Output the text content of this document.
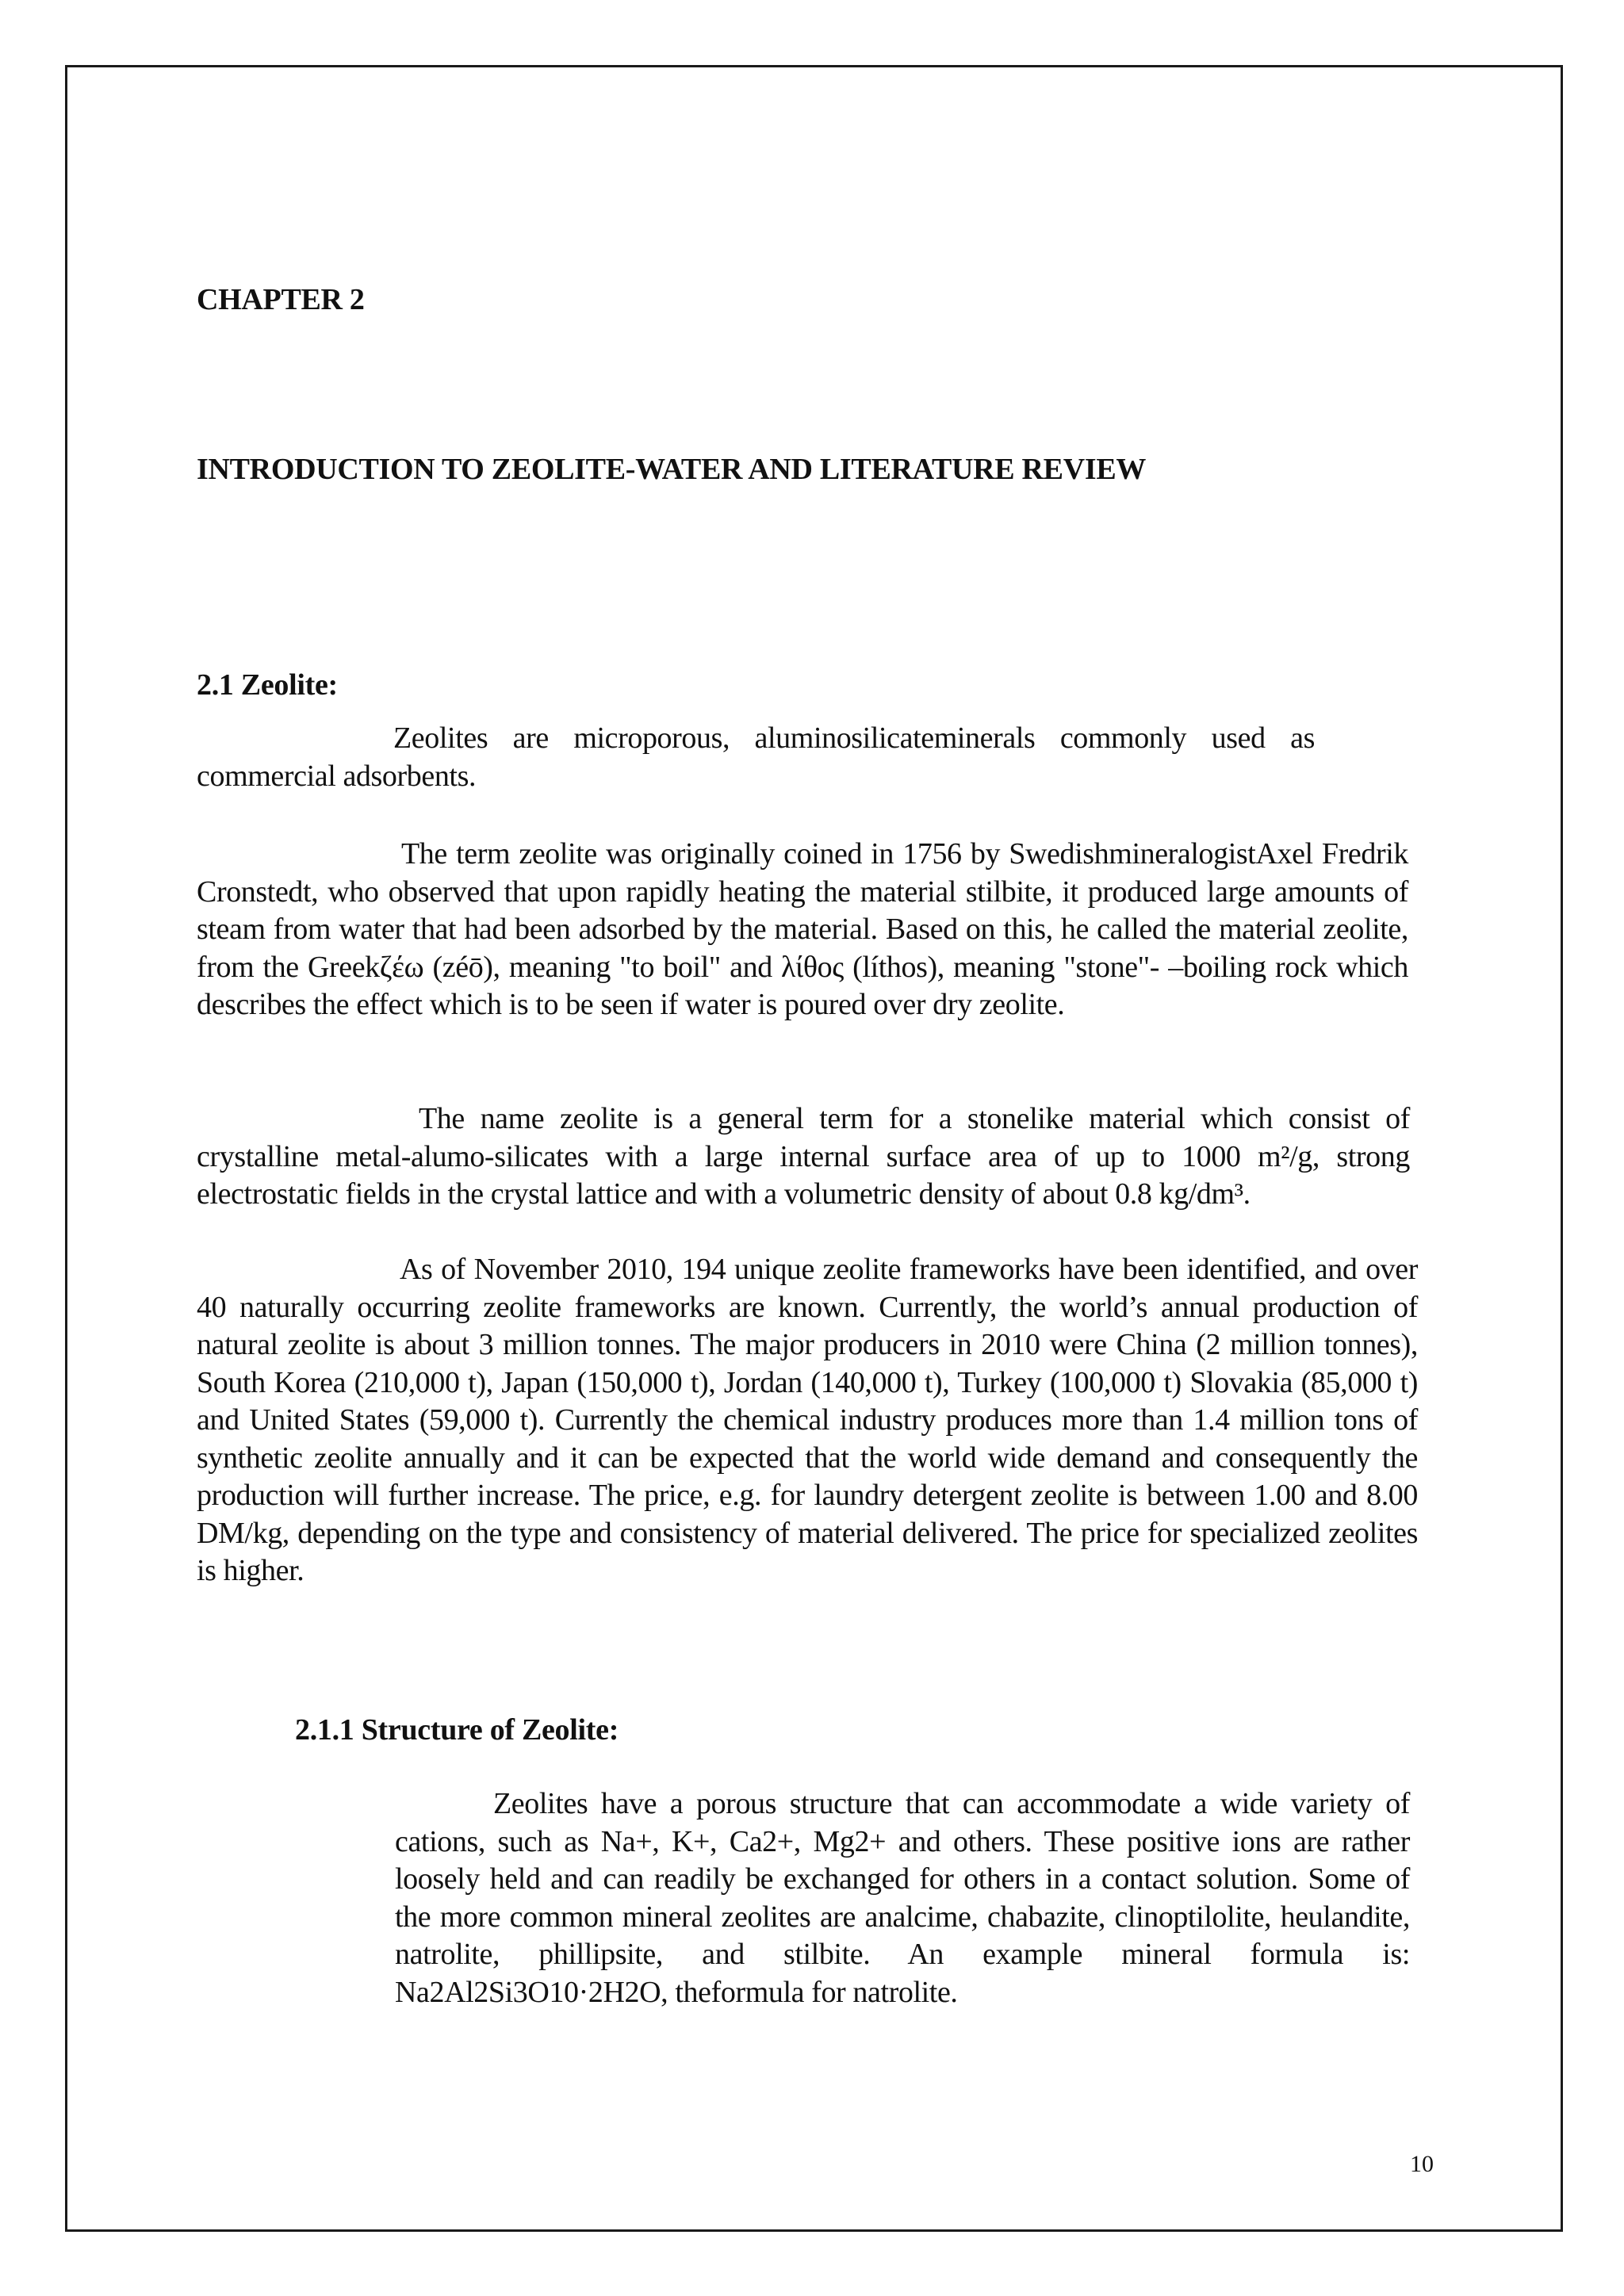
CHAPTER 2
INTRODUCTION TO ZEOLITE-WATER AND LITERATURE REVIEW
2.1 Zeolite:
Zeolites are microporous, aluminosilicateminerals commonly used as commercial adsorbents.
The term zeolite was originally coined in 1756 by SwedishmineralogistAxel Fredrik Cronstedt, who observed that upon rapidly heating the material stilbite, it produced large amounts of steam from water that had been adsorbed by the material. Based on this, he called the material zeolite, from the Greekζέω (zéō), meaning "to boil" and λίθος (líthos), meaning "stone"- –boiling rock which describes the effect which is to be seen if water is poured over dry zeolite.
The name zeolite is a general term for a stonelike material which consist of crystalline metal-alumo-silicates with a large internal surface area of up to 1000 m²/g, strong electrostatic fields in the crystal lattice and with a volumetric density of about 0.8 kg/dm³.
As of November 2010, 194 unique zeolite frameworks have been identified, and over 40 naturally occurring zeolite frameworks are known. Currently, the world’s annual production of natural zeolite is about 3 million tonnes. The major producers in 2010 were China (2 million tonnes), South Korea (210,000 t), Japan (150,000 t), Jordan (140,000 t), Turkey (100,000 t) Slovakia (85,000 t) and United States (59,000 t). Currently the chemical industry produces more than 1.4 million tons of synthetic zeolite annually and it can be expected that the world wide demand and consequently the production will further increase. The price, e.g. for laundry detergent zeolite is between 1.00 and 8.00 DM/kg, depending on the type and consistency of material delivered. The price for specialized zeolites is higher.
2.1.1 Structure of Zeolite:
Zeolites have a porous structure that can accommodate a wide variety of cations, such as Na+, K+, Ca2+, Mg2+ and others. These positive ions are rather loosely held and can readily be exchanged for others in a contact solution. Some of the more common mineral zeolites are analcime, chabazite, clinoptilolite, heulandite, natrolite, phillipsite, and stilbite. An example mineral formula is: Na2Al2Si3O10·2H2O, theformula for natrolite.
10
